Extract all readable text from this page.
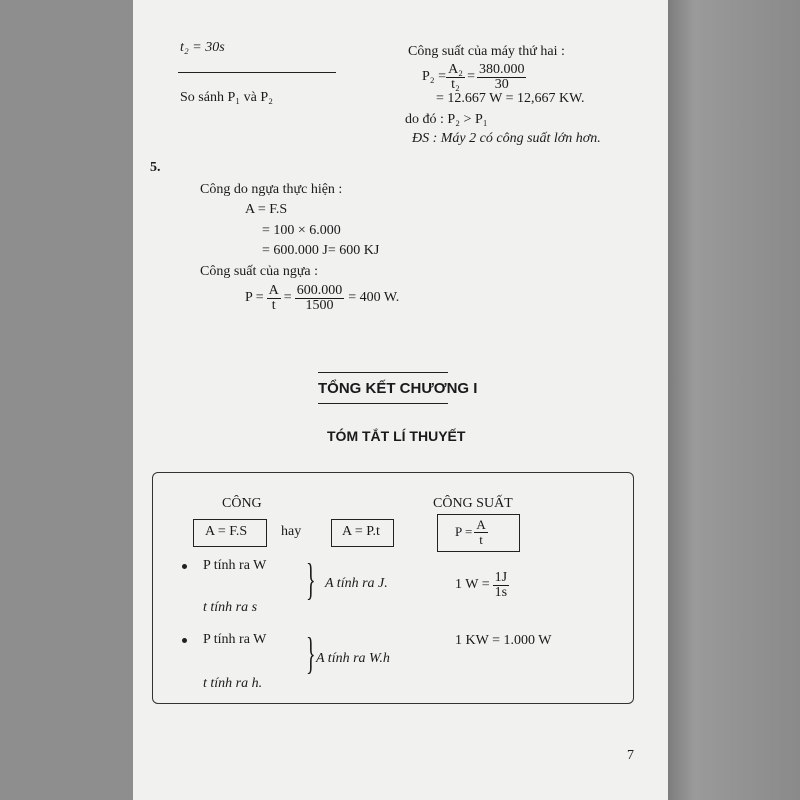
t₂ = 30s
So sánh P₁ và P₂
Công suất của máy thứ hai :
$P_2 = \frac{\text{A₂}}{\text{t₂}} = \frac{380.000}{30}$
= 12.667 W = 12,667 KW.
do đó : P₂ > P₁
ĐS : Máy 2 có công suất lớn hơn.
5.
Công do ngựa thực hiện :
A = F.S
= 100 × 6.000
= 600.000 J= 600 KJ
Công suất của ngựa :
$P = \frac{A}{t} = \frac{600.000}{1500} = 400$ W.
TỔNG KẾT CHƯƠNG I
TÓM TẮT LÍ THUYẾT
CÔNG
A = F.S hay	A = P.t
CÔNG SUẤT
$P = \frac{A}{t}$
P tính ra W
t tính ra s
} A tính ra J.	1 $W = \frac{1J}{1s}$
P tính ra W
t tính ra h.
} A tính ra W.h
1 KW = 1.000 W
7
